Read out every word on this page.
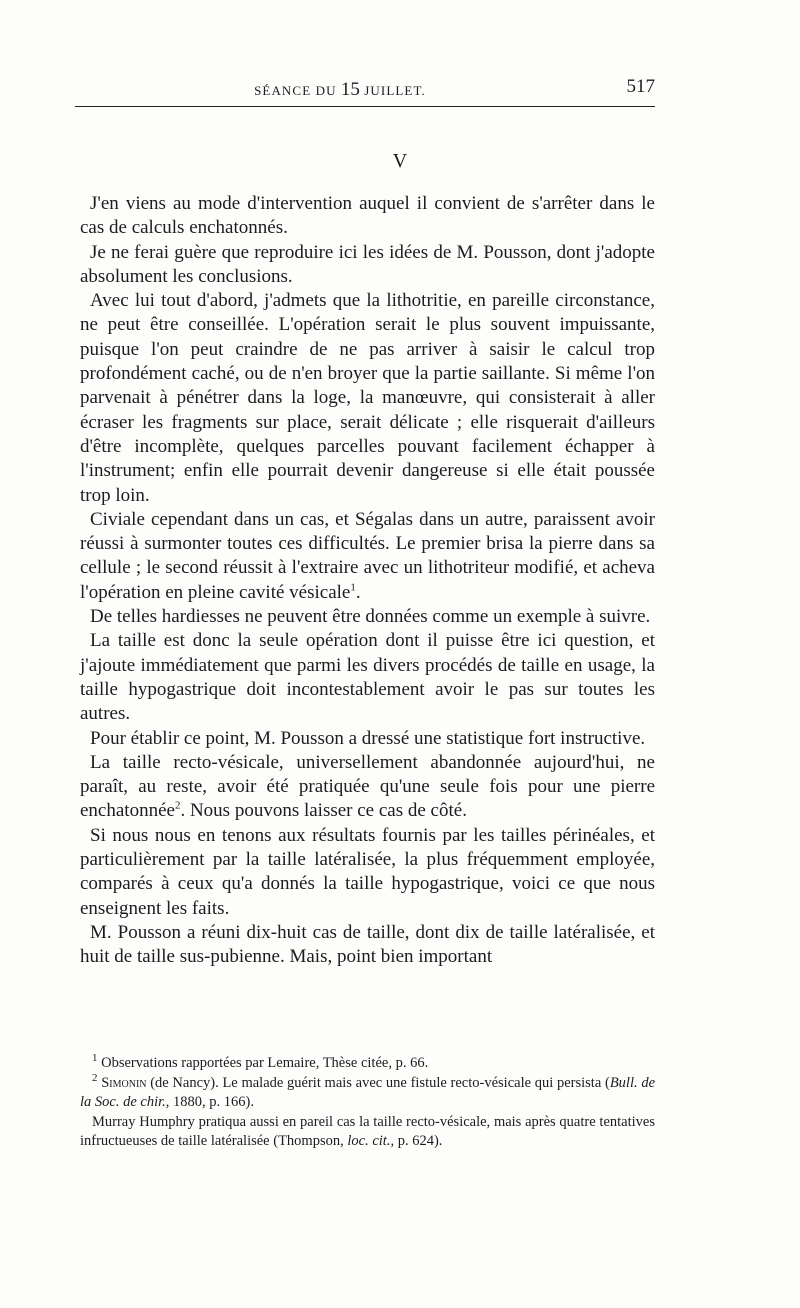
SÉANCE DU 15 JUILLET.	517
V

J'en viens au mode d'intervention auquel il convient de s'arrêter dans le cas de calculs enchatonnés.

Je ne ferai guère que reproduire ici les idées de M. Pousson, dont j'adopte absolument les conclusions.

Avec lui tout d'abord, j'admets que la lithotritie, en pareille circonstance, ne peut être conseillée. L'opération serait le plus souvent impuissante, puisque l'on peut craindre de ne pas arriver à saisir le calcul trop profondément caché, ou de n'en broyer que la partie saillante. Si même l'on parvenait à pénétrer dans la loge, la manœuvre, qui consisterait à aller écraser les fragments sur place, serait délicate ; elle risquerait d'ailleurs d'être incomplète, quelques parcelles pouvant facilement échapper à l'instrument; enfin elle pourrait devenir dangereuse si elle était poussée trop loin.

Civiale cependant dans un cas, et Ségalas dans un autre, paraissent avoir réussi à surmonter toutes ces difficultés. Le premier brisa la pierre dans sa cellule ; le second réussit à l'extraire avec un lithotriteur modifié, et acheva l'opération en pleine cavité vésicale$^1$.

De telles hardiesses ne peuvent être données comme un exemple à suivre.

La taille est donc la seule opération dont il puisse être ici question, et j'ajoute immédiatement que parmi les divers procédés de taille en usage, la taille hypogastrique doit incontestablement avoir le pas sur toutes les autres.

Pour établir ce point, M. Pousson a dressé une statistique fort instructive.

La taille recto-vésicale, universellement abandonnée aujourd'hui, ne paraît, au reste, avoir été pratiquée qu'une seule fois pour une pierre enchatonnée$^2$. Nous pouvons laisser ce cas de côté.

Si nous nous en tenons aux résultats fournis par les tailles périnéales, et particulièrement par la taille latéralisée, la plus fréquemment employée, comparés à ceux qu'a donnés la taille hypogastrique, voici ce que nous enseignent les faits.

M. Pousson a réuni dix-huit cas de taille, dont dix de taille latéralisée, et huit de taille sus-pubienne. Mais, point bien important

$^1$ Observations rapportées par Lemaire, Thèse citée, p. 66.

$^2$ Simonin (de Nancy). Le malade guérit mais avec une fistule recto-vésicale qui persista (Bull. de la Soc. de chir., 1880, p. 166).

Murray Humphry pratiqua aussi en pareil cas la taille recto-vésicale, mais après quatre tentatives infructueuses de taille latéralisée (Thompson, loc. cit., p. 624).
